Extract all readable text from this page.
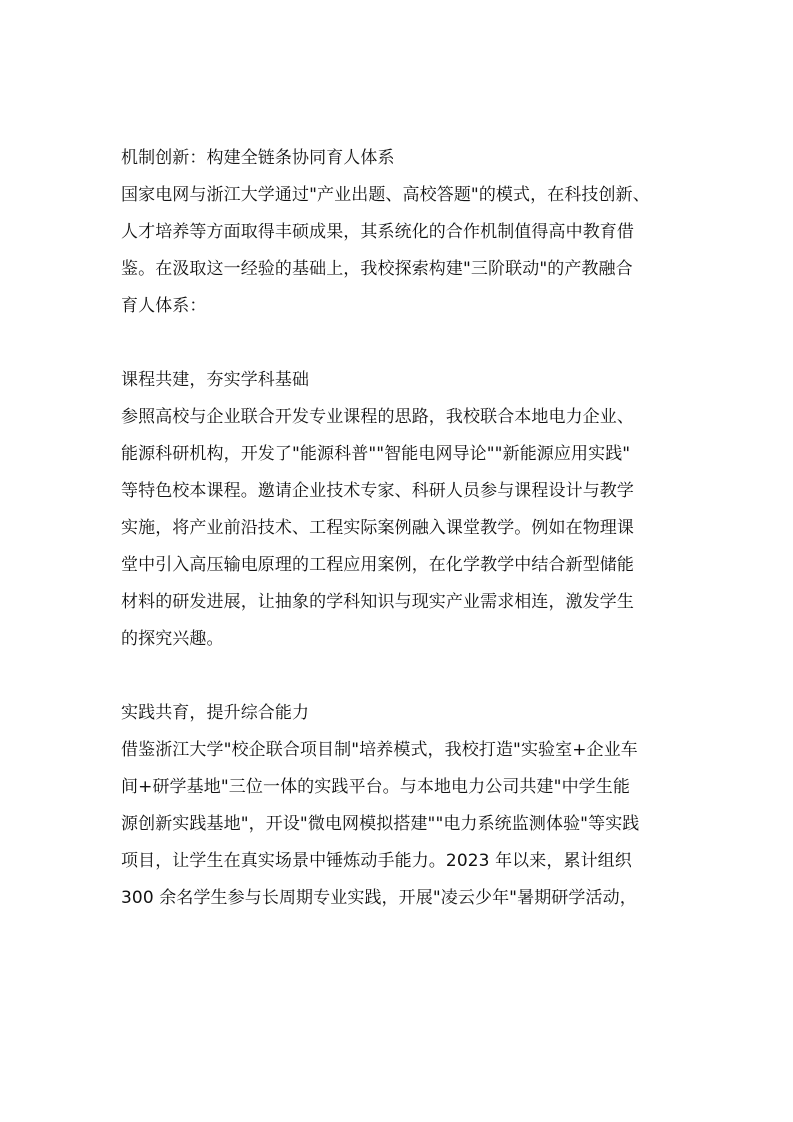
机制创新：构建全链条协同育人体系
国家电网与浙江大学通过"产业出题、高校答题"的模式，在科技创新、
人才培养等方面取得丰硕成果，其系统化的合作机制值得高中教育借
鉴。在汲取这一经验的基础上，我校探索构建"三阶联动"的产教融合
育人体系：
课程共建，夯实学科基础
参照高校与企业联合开发专业课程的思路，我校联合本地电力企业、
能源科研机构，开发了"能源科普""智能电网导论""新能源应用实践"
等特色校本课程。邀请企业技术专家、科研人员参与课程设计与教学
实施，将产业前沿技术、工程实际案例融入课堂教学。例如在物理课
堂中引入高压输电原理的工程应用案例，在化学教学中结合新型储能
材料的研发进展，让抽象的学科知识与现实产业需求相连，激发学生
的探究兴趣。
实践共育，提升综合能力
借鉴浙江大学"校企联合项目制"培养模式，我校打造"实验室+企业车
间+研学基地"三位一体的实践平台。与本地电力公司共建"中学生能
源创新实践基地"，开设"微电网模拟搭建""电力系统监测体验"等实践
项目，让学生在真实场景中锤炼动手能力。2023 年以来，累计组织
300 余名学生参与长周期专业实践，开展"凌云少年"暑期研学活动，
